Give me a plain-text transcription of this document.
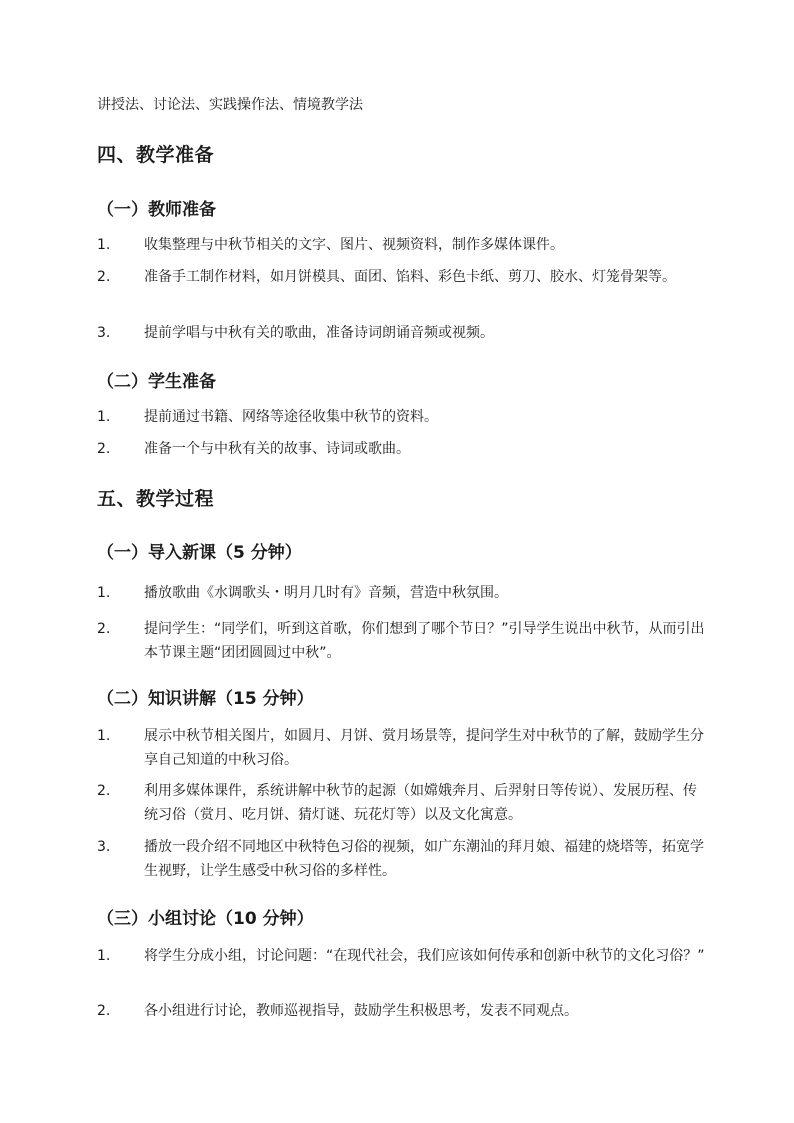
讲授法、讨论法、实践操作法、情境教学法

四、教学准备
（一）教师准备
1.	收集整理与中秋节相关的文字、图片、视频资料，制作多媒体课件。
2.	准备手工制作材料，如月饼模具、面团、馅料、彩色卡纸、剪刀、胶水、灯笼骨架等。
3.	提前学唱与中秋有关的歌曲，准备诗词朗诵音频或视频。
（二）学生准备
1.	提前通过书籍、网络等途径收集中秋节的资料。
2.	准备一个与中秋有关的故事、诗词或歌曲。
五、教学过程
（一）导入新课（5 分钟）
1.	播放歌曲《水调歌头・明月几时有》音频，营造中秋氛围。
2.	提问学生：“同学们，听到这首歌，你们想到了哪个节日？”引导学生说出中秋节，从而引出本节课主题“团团圆圆过中秋”。
（二）知识讲解（15 分钟）
1.	展示中秋节相关图片，如圆月、月饼、赏月场景等，提问学生对中秋节的了解，鼓励学生分享自己知道的中秋习俗。
2.	利用多媒体课件，系统讲解中秋节的起源（如嫦娥奔月、后羿射日等传说）、发展历程、传统习俗（赏月、吃月饼、猜灯谜、玩花灯等）以及文化寓意。
3.	播放一段介绍不同地区中秋特色习俗的视频，如广东潮汕的拜月娘、福建的烧塔等，拓宽学生视野，让学生感受中秋习俗的多样性。
（三）小组讨论（10 分钟）
1.	将学生分成小组，讨论问题：“在现代社会，我们应该如何传承和创新中秋节的文化习俗？”
2.	各小组进行讨论，教师巡视指导，鼓励学生积极思考，发表不同观点。
